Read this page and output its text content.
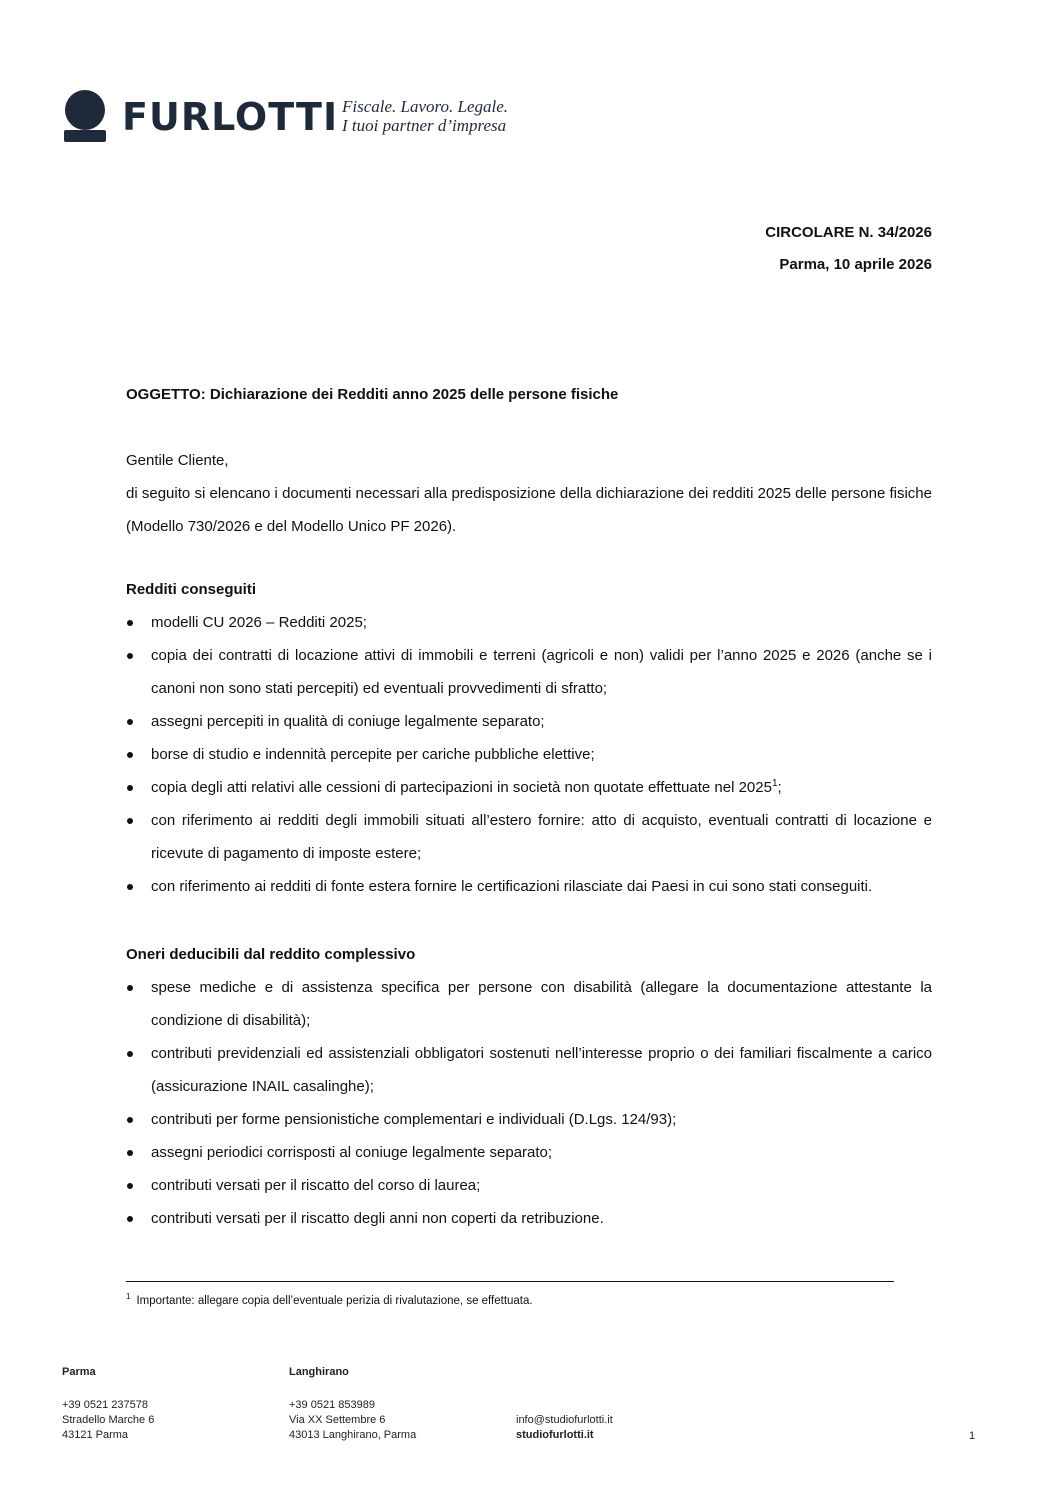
FURLOTTI Fiscale. Lavoro. Legale.
I tuoi partner d’impresa
CIRCOLARE N. 34/2026
Parma, 10 aprile 2026
OGGETTO: Dichiarazione dei Redditi anno 2025 delle persone fisiche
Gentile Cliente,
di seguito si elencano i documenti necessari alla predisposizione della dichiarazione dei redditi 2025 delle persone fisiche (Modello 730/2026 e del Modello Unico PF 2026).
Redditi conseguiti
modelli CU 2026 – Redditi 2025;
copia dei contratti di locazione attivi di immobili e terreni (agricoli e non) validi per l’anno 2025 e 2026 (anche se i canoni non sono stati percepiti) ed eventuali provvedimenti di sfratto;
assegni percepiti in qualità di coniuge legalmente separato;
borse di studio e indennità percepite per cariche pubbliche elettive;
copia degli atti relativi alle cessioni di partecipazioni in società non quotate effettuate nel 2025$^1$;
con riferimento ai redditi degli immobili situati all’estero fornire: atto di acquisto, eventuali contratti di locazione e ricevute di pagamento di imposte estere;
con riferimento ai redditi di fonte estera fornire le certificazioni rilasciate dai Paesi in cui sono stati conseguiti.
Oneri deducibili dal reddito complessivo
spese mediche e di assistenza specifica per persone con disabilità (allegare la documentazione attestante la condizione di disabilità);
contributi previdenziali ed assistenziali obbligatori sostenuti nell’interesse proprio o dei familiari fiscalmente a carico (assicurazione INAIL casalinghe);
contributi per forme pensionistiche complementari e individuali (D.Lgs. 124/93);
assegni periodici corrisposti al coniuge legalmente separato;
contributi versati per il riscatto del corso di laurea;
contributi versati per il riscatto degli anni non coperti da retribuzione.
$^1$ Importante: allegare copia dell’eventuale perizia di rivalutazione, se effettuata.
Parma
+39 0521 237578
Stradello Marche 6
43121 Parma
Langhirano
+39 0521 853989
Via XX Settembre 6
43013 Langhirano, Parma
info@studiofurlotti.it
studiofurlotti.it	1
